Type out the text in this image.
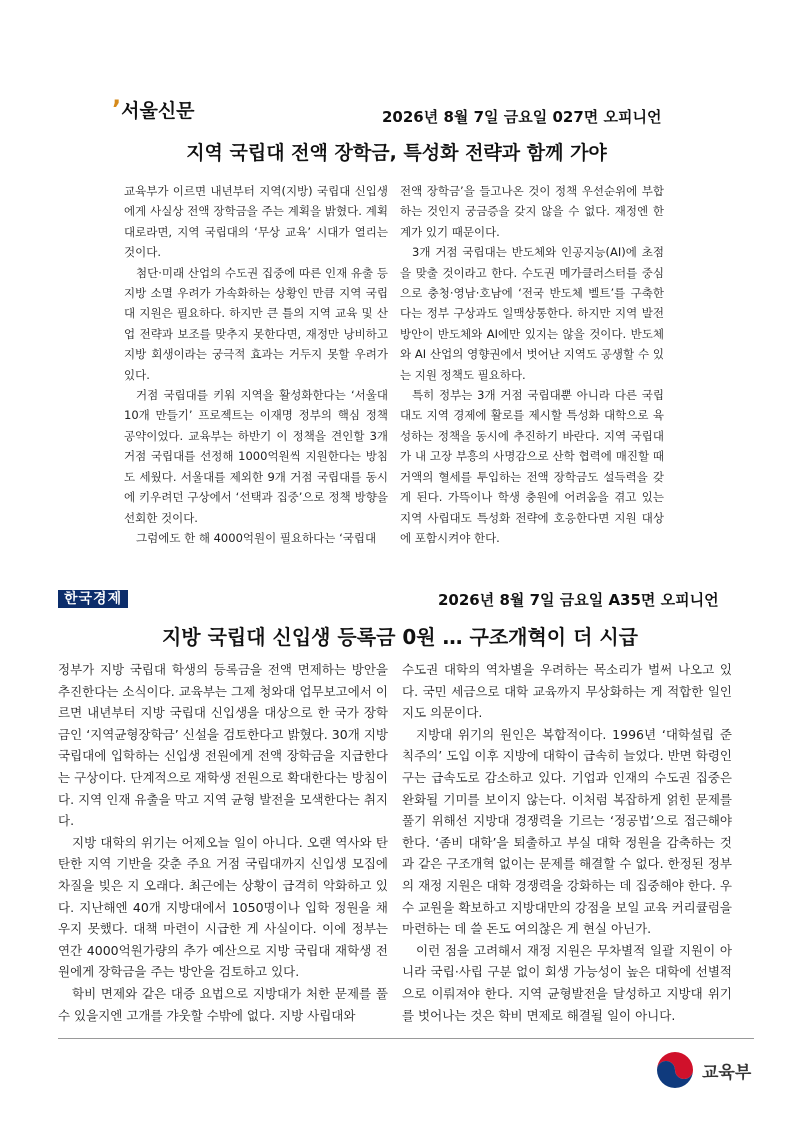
’서울신문	2026년 8월 7일 금요일 027면 오피니언
지역 국립대 전액 장학금, 특성화 전략과 함께 가야

교육부가 이르면 내년부터 지역(지방) 국립대 신입생에게 사실상 전액 장학금을 주는 계획을 밝혔다. 계획대로라면, 지역 국립대의 ‘무상 교육’ 시대가 열리는 것이다.

첨단·미래 산업의 수도권 집중에 따른 인재 유출 등 지방 소멸 우려가 가속화하는 상황인 만큼 지역 국립대 지원은 필요하다. 하지만 큰 틀의 지역 교육 및 산업 전략과 보조를 맞추지 못한다면, 재정만 낭비하고 지방 회생이라는 궁극적 효과는 거두지 못할 우려가 있다.

거점 국립대를 키워 지역을 활성화한다는 ‘서울대 10개 만들기’ 프로젝트는 이재명 정부의 핵심 정책 공약이었다. 교육부는 하반기 이 정책을 견인할 3개 거점 국립대를 선정해 1000억원씩 지원한다는 방침도 세웠다. 서울대를 제외한 9개 거점 국립대를 동시에 키우려던 구상에서 ‘선택과 집중’으로 정책 방향을 선회한 것이다.

그럼에도 한 해 4000억원이 필요하다는 ‘국립대

전액 장학금’을 들고나온 것이 정책 우선순위에 부합하는 것인지 궁금증을 갖지 않을 수 없다. 재정엔 한계가 있기 때문이다.

3개 거점 국립대는 반도체와 인공지능(AI)에 초점을 맞출 것이라고 한다. 수도권 메가클러스터를 중심으로 충청·영남·호남에 ‘전국 반도체 벨트’를 구축한다는 정부 구상과도 일맥상통한다. 하지만 지역 발전 방안이 반도체와 AI에만 있지는 않을 것이다. 반도체와 AI 산업의 영향권에서 벗어난 지역도 공생할 수 있는 지원 정책도 필요하다.

특히 정부는 3개 거점 국립대뿐 아니라 다른 국립대도 지역 경제에 활로를 제시할 특성화 대학으로 육성하는 정책을 동시에 추진하기 바란다. 지역 국립대가 내 고장 부흥의 사명감으로 산학 협력에 매진할 때 거액의 혈세를 투입하는 전액 장학금도 설득력을 갖게 된다. 가뜩이나 학생 충원에 어려움을 겪고 있는 지역 사립대도 특성화 전략에 호응한다면 지원 대상에 포함시켜야 한다.

한국경제	2026년 8월 7일 금요일 A35면 오피니언
지방 국립대 신입생 등록금 0원 … 구조개혁이 더 시급

정부가 지방 국립대 학생의 등록금을 전액 면제하는 방안을 추진한다는 소식이다. 교육부는 그제 청와대 업무보고에서 이르면 내년부터 지방 국립대 신입생을 대상으로 한 국가 장학금인 ‘지역균형장학금’ 신설을 검토한다고 밝혔다. 30개 지방 국립대에 입학하는 신입생 전원에게 전액 장학금을 지급한다는 구상이다. 단계적으로 재학생 전원으로 확대한다는 방침이다. 지역 인재 유출을 막고 지역 균형 발전을 모색한다는 취지다.

지방 대학의 위기는 어제오늘 일이 아니다. 오랜 역사와 탄탄한 지역 기반을 갖춘 주요 거점 국립대까지 신입생 모집에 차질을 빚은 지 오래다. 최근에는 상황이 급격히 악화하고 있다. 지난해엔 40개 지방대에서 1050명이나 입학 정원을 채우지 못했다. 대책 마련이 시급한 게 사실이다. 이에 정부는 연간 4000억원가량의 추가 예산으로 지방 국립대 재학생 전원에게 장학금을 주는 방안을 검토하고 있다.

학비 면제와 같은 대증 요법으로 지방대가 처한 문제를 풀 수 있을지엔 고개를 갸웃할 수밖에 없다. 지방 사립대와

수도권 대학의 역차별을 우려하는 목소리가 벌써 나오고 있다. 국민 세금으로 대학 교육까지 무상화하는 게 적합한 일인지도 의문이다.

지방대 위기의 원인은 복합적이다. 1996년 ‘대학설립 준칙주의’ 도입 이후 지방에 대학이 급속히 늘었다. 반면 학령인구는 급속도로 감소하고 있다. 기업과 인재의 수도권 집중은 완화될 기미를 보이지 않는다. 이처럼 복잡하게 얽힌 문제를 풀기 위해선 지방대 경쟁력을 기르는 ‘정공법’으로 접근해야 한다. ‘좀비 대학’을 퇴출하고 부실 대학 정원을 감축하는 것과 같은 구조개혁 없이는 문제를 해결할 수 없다. 한정된 정부의 재정 지원은 대학 경쟁력을 강화하는 데 집중해야 한다. 우수 교원을 확보하고 지방대만의 강점을 보일 교육 커리큘럼을 마련하는 데 쓸 돈도 여의찮은 게 현실 아닌가.

이런 점을 고려해서 재정 지원은 무차별적 일괄 지원이 아니라 국립·사립 구분 없이 회생 가능성이 높은 대학에 선별적으로 이뤄져야 한다. 지역 균형발전을 달성하고 지방대 위기를 벗어나는 것은 학비 면제로 해결될 일이 아니다.

교육부
